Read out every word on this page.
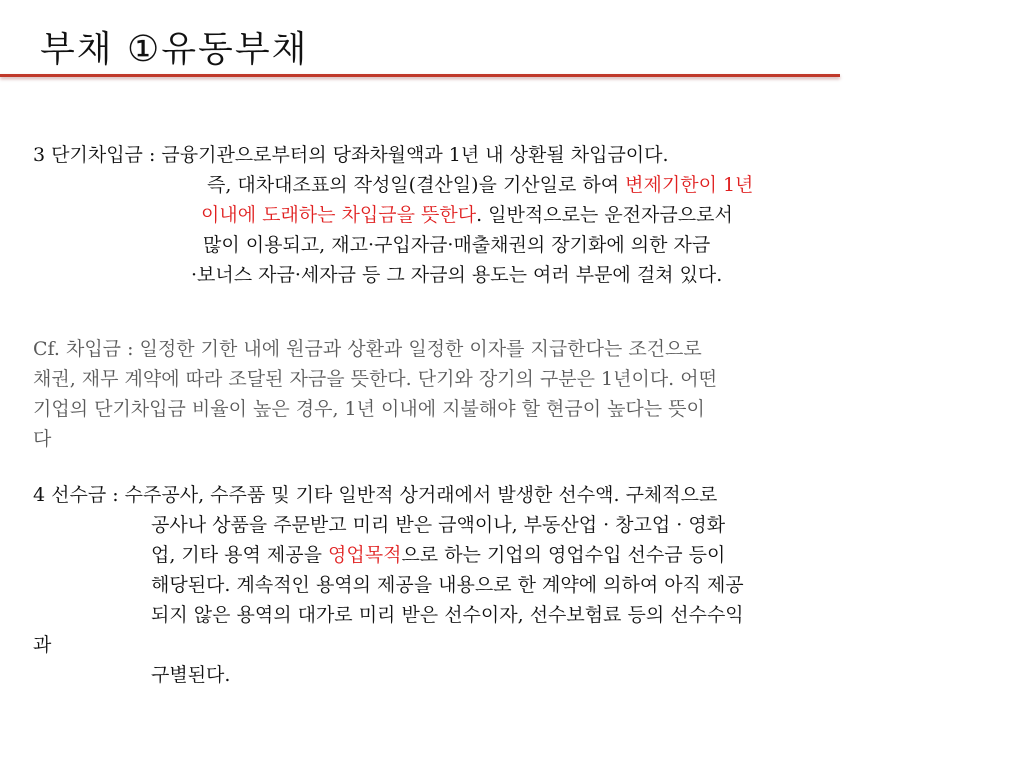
부채 ①유동부채
3 단기차입금 : 금융기관으로부터의 당좌차월액과 1년 내 상환될 차입금이다.
즉, 대차대조표의 작성일(결산일)을 기산일로 하여 변제기한이 1년
이내에 도래하는 차입금을 뜻한다. 일반적으로는 운전자금으로서
많이 이용되고, 재고·구입자금·매출채권의 장기화에 의한 자금
·보너스 자금·세자금 등 그 자금의 용도는 여러 부문에 걸쳐 있다.
Cf. 차입금 : 일정한 기한 내에 원금과 상환과 일정한 이자를 지급한다는 조건으로
채권, 재무 계약에 따라 조달된 자금을 뜻한다. 단기와 장기의 구분은 1년이다. 어떤
기업의 단기차입금 비율이 높은 경우, 1년 이내에 지불해야 할 현금이 높다는 뜻이
다
4 선수금 : 수주공사, 수주품 및 기타 일반적 상거래에서 발생한 선수액. 구체적으로
공사나 상품을 주문받고 미리 받은 금액이나, 부동산업 · 창고업 · 영화
업, 기타 용역 제공을 영업목적으로 하는 기업의 영업수입 선수금 등이
해당된다. 계속적인 용역의 제공을 내용으로 한 계약에 의하여 아직 제공
되지 않은 용역의 대가로 미리 받은 선수이자, 선수보험료 등의 선수수익
과
구별된다.
